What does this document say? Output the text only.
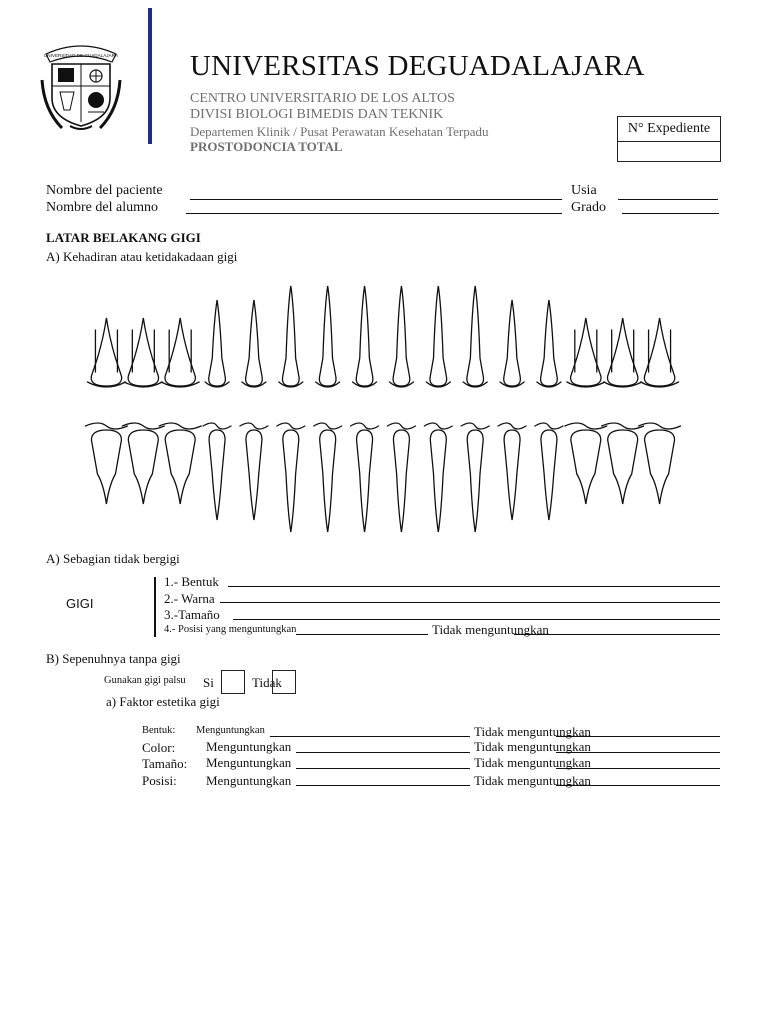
UNIVERSIDAD DE GUADALAJARA UNIVERSITAS DEGUADALAJARA
CENTRO UNIVERSITARIO DE LOS ALTOS
DIVISI BIOLOGI BIMEDIS DAN TEKNIK
Departemen Klinik / Pusat Perawatan Kesehatan Terpadu
PROSTODONCIA TOTAL
N° Expediente
Nombre del paciente
Nombre del alumno
Usia
Grado
LATAR BELAKANG GIGI
A) Kehadiran atau ketidakadaan gigi
A) Sebagian tidak bergigi
GIGI
1.- Bentuk
2.- Warna
3.-Tamaño
4.- Posisi yang menguntungkan	Tidak menguntungkan
B) Sepenuhnya tanpa gigi
Gunakan gigi palsu Si	Tidak
a) Faktor estetika gigi
Bentuk: Menguntungkan	Tidak menguntungkan
Color: Menguntungkan	Tidak menguntungkan
Tamaño: Menguntungkan	Tidak menguntungkan
Posisi: Menguntungkan	Tidak menguntungkan
